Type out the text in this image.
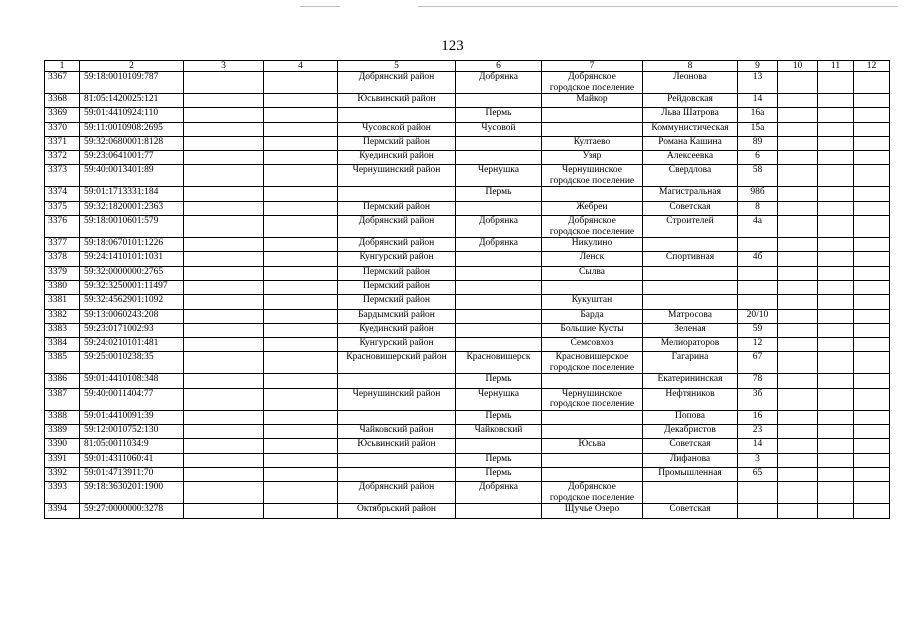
123
1	2	3	4	5	6	7	8	9	10	11	12
3367	59:18:0010109:787			Добрянский район	Добрянка	Добрянское
городское поселение	Леонова	13			
3368	81:05:1420025:121			Юсьвинский район		Майкор	Рейдовская	14			
3369	59:01:4410924:110				Пермь		Льва Шатрова	16а			
3370	59:11:0010908:2695			Чусовской район	Чусовой		Коммунистическая	15а			
3371	59:32:0680001:8128			Пермский район		Култаево	Романа Кашина	89			
3372	59:23:0641001:77			Куединский район		Узяр	Алексеевка	6			
3373	59:40:0013401:89			Чернушинский район	Чернушка	Чернушинское
городское поселение	Свердлова	58			
3374	59:01:1713331:184				Пермь		Магистральная	98б			
3375	59:32:1820001:2363			Пермский район		Жебреи	Советская	8			
3376	59:18:0010601:579			Добрянский район	Добрянка	Добрянское
городское поселение	Строителей	4а			
3377	59:18:0670101:1226			Добрянский район	Добрянка	Никулино					
3378	59:24:1410101:1031			Кунгурский район		Ленск	Спортивная	4б			
3379	59:32:0000000:2765			Пермский район		Сылва					
3380	59:32:3250001:11497			Пермский район							
3381	59:32:4562901:1092			Пермский район		Кукуштан					
3382	59:13:0060243:208			Бардымский район		Барда	Матросова	20/10			
3383	59:23:0171002:93			Куединский район		Большие Кусты	Зеленая	59			
3384	59:24:0210101:481			Кунгурский район		Семсовхоз	Мелиораторов	12			
3385	59:25:0010238:35			Красновишерский район	Красновишерск	Красновишерское
городское поселение	Гагарина	67			
3386	59:01:4410108:348				Пермь		Екатерининская	78			
3387	59:40:0011404:77			Чернушинский район	Чернушка	Чернушинское
городское поселение	Нефтяников	3б			
3388	59:01:4410091:39				Пермь		Попова	16			
3389	59:12:0010752:130			Чайковский район	Чайковский		Декабристов	23			
3390	81:05:0011034:9			Юсьвинский район		Юсьва	Советская	14			
3391	59:01:4311060:41				Пермь		Лифанова	3			
3392	59:01:4713911:70				Пермь		Промышленная	65			
3393	59:18:3630201:1900			Добрянский район	Добрянка	Добрянское
городское поселение					
3394	59:27:0000000:3278			Октябрьский район		Щучье Озеро	Советская				
